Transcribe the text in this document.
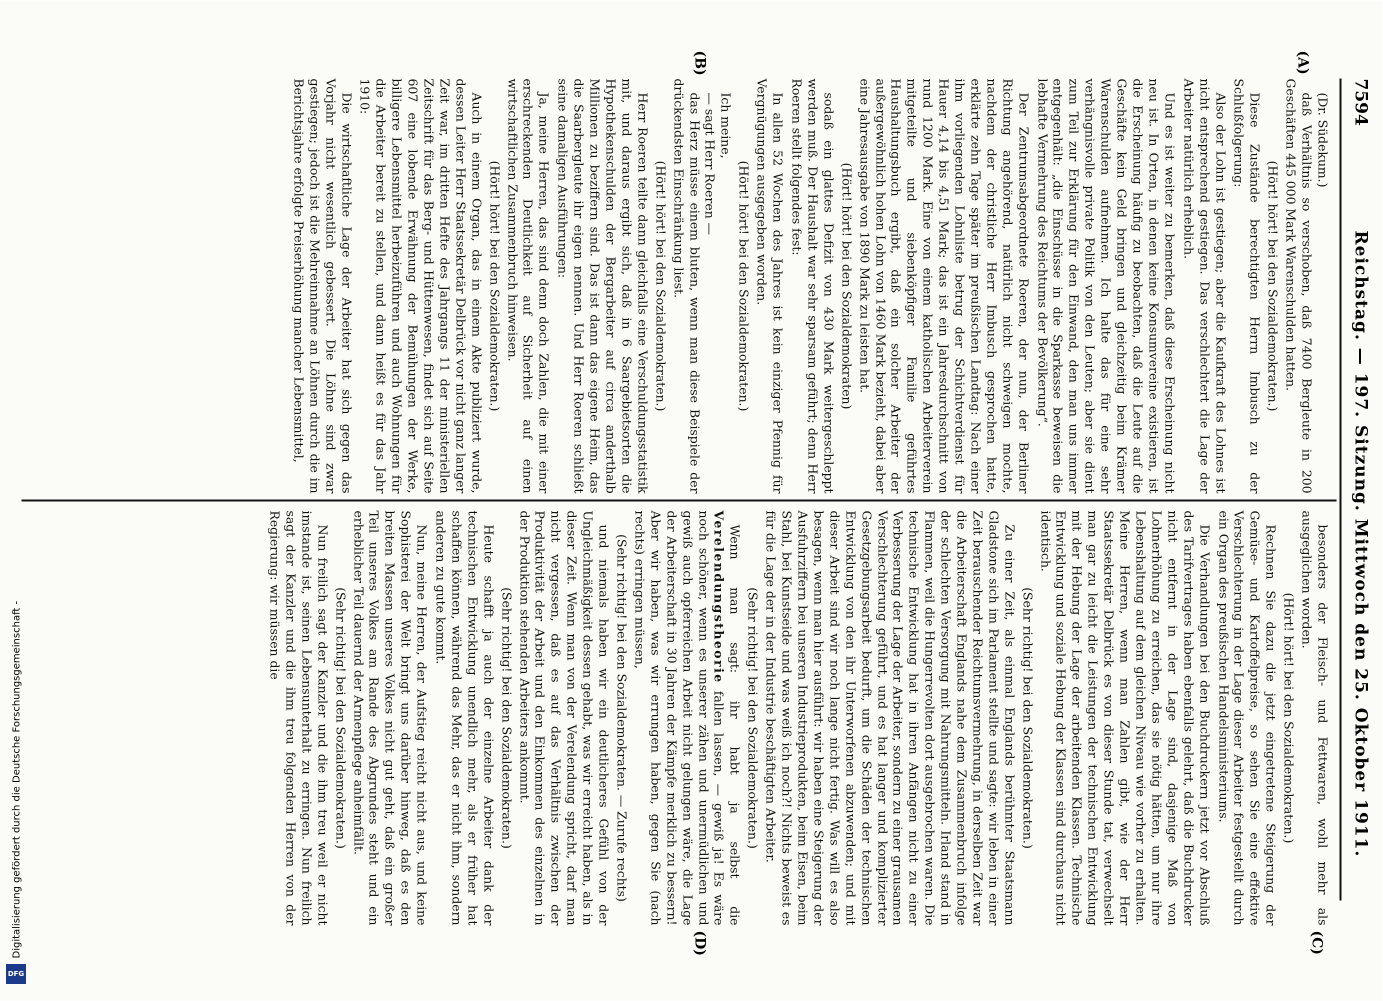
7594
Reichstag. — 197. Sitzung. Mittwoch den 25. Oktober 1911.
(A)
(B)
(C)
(D)

(Dr. Südekum.)

daß Verhältnis so verschoben, daß 7400 Bergleute in 200 Geschäften 445 000 Mark Warenschulden hatten.

(Hört! hört! bei den Sozialdemokraten.)

Diese Zustände berechtigten Herrn Imbusch zu der Schlußfolgerung:

Also der Lohn ist gestiegen; aber die Kaufkraft des Lohnes ist nicht entsprechend gestiegen. Das verschlechtert die Lage der Arbeiter natürlich erheblich.

Und es ist weiter zu bemerken, daß diese Erscheinung nicht neu ist. In Orten, in denen keine Konsumvereine existieren, ist die Erscheinung häufig zu beobachten, daß die Leute auf die Geschäfte kein Geld bringen und gleichzeitig beim Krämer Warenschulden aufnehmen. Ich halte das für eine sehr verhängnisvolle private Politik von den Leuten; aber sie dient zum Teil zur Erklärung für den Einwand, den man uns immer entgegenhält: „die Einschüsse in die Sparkasse beweisen die lebhafte Vermehrung des Reichtums der Bevölkerung“.

Der Zentrumsabgeordnete Roeren, der nun, der Berliner Richtung angehörend, natürlich nicht schweigen mochte, nachdem der christliche Herr Imbusch gesprochen hatte, erklärte zehn Tage später im preußischen Landtag: Nach einer ihm vorliegenden Lohnliste betrug der Schichtverdienst für Hauer 4,14 bis 4,51 Mark; das ist ein Jahresdurchschnitt von rund 1200 Mark. Eine von einem katholischen Arbeiterverein mitgeteilte und siebenköpfiger Familie geführtes Haushaltungsbuch ergibt, daß ein solcher Arbeiter der außergewöhnlich hohen Lohn von 1460 Mark bezieht, dabei aber eine Jahresausgabe von 1890 Mark zu leisten hat.

(Hört! hört! bei den Sozialdemokraten)

sodaß ein glattes Defizit von 430 Mark weitergeschleppt werden muß. Der Haushalt war sehr sparsam geführt; denn Herr Roeren stellt folgendes fest:

In allen 52 Wochen des Jahres ist kein einziger Pfennig für Vergnügungen ausgegeben worden.

(Hört! hört! bei den Sozialdemokraten.)

Ich meine,

— sagt Herr Roeren —

das Herz müsse einem bluten, wenn man diese Beispiele der drückendsten Einschränkung liest.

(Hört! hört! bei den Sozialdemokraten.)

Herr Roeren teilte dann gleichfalls eine Verschuldungsstatistik mit, und daraus ergibt sich, daß in 6 Saargebietsorten die Hypothekenschulden der Bergarbeiter auf circa anderthalb Millionen zu beziffern sind. Das ist dann das eigene Heim, das die Saarbergleute ihr eigen nennen. Und Herr Roeren schließt seine damaligen Ausführungen:

Ja, meine Herren, das sind denn doch Zahlen, die mit einer erschreckenden Deutlichkeit auf Sicherheit auf einen wirtschaftlichen Zusammenbruch hinweisen.

(Hört! hört! bei den Sozialdemokraten.)

Auch in einem Organ, das in einem Akte publiziert wurde, dessen Leiter Herr Staatssekretär Delbrück vor nicht ganz langer Zeit war, im dritten Hefte des Jahrgangs 11 der ministeriellen Zeitschrift für das Berg- und Hüttenwesen, findet sich auf Seite 607 eine lobende Erwähnung der Bemühungen der Werke, billigere Lebensmittel herbeizuführen und auch Wohnungen für die Arbeiter bereit zu stellen, und dann heißt es für das Jahr 1910:

Die wirtschaftliche Lage der Arbeiter hat sich gegen das Vorjahr nicht wesentlich gebessert. Die Löhne sind zwar gestiegen; jedoch ist die Mehreinnahme an Löhnen durch die im Berichtsjahre erfolgte Preiserhöhung mancher Lebensmittel,

besonders der Fleisch- und Fettwaren, wohl mehr als ausgeglichen worden.

(Hört! hört! bei den Sozialdemokraten.)

Rechnen Sie dazu die jetzt eingetretene Steigerung der Gemüse- und Kartoffelpreise, so sehen Sie eine effektive Verschlechterung in der Lage dieser Arbeiter festgestellt durch ein Organ des preußischen Handelsministeriums.

Die Verhandlungen bei den Buchdruckern jetzt vor Abschluß des Tarifvertrages haben ebenfalls gelehrt, daß die Buchdrucker nicht entfernt in der Lage sind, dasjenige Maß von Lohnerhöhung zu erreichen, das sie nötig hätten, um nur ihre Lebenshaltung auf dem gleichen Niveau wie vorher zu erhalten. Meine Herren, wenn man Zahlen gibt, wie der Herr Staatssekretär Delbrück es von dieser Stunde tat, verwechselt man gar zu leicht die Leistungen der technischen Entwicklung mit der Hebung der Lage der arbeitenden Klassen. Technische Entwicklung und soziale Hebung der Klassen sind durchaus nicht identisch.

(Sehr richtig! bei den Sozialdemokraten.)

Zu einer Zeit, als einmal Englands berühmter Staatsmann Gladstone sich im Parlament stellte und sagte: wir leben in einer Zeit berauschender Reichtumsvermehrung, in derselben Zeit war die Arbeiterschaft Englands nahe dem Zusammenbruch infolge der schlechten Versorgung mit Nahrungsmitteln. Irland stand in Flammen, weil die Hungerrevolten dort ausgebrochen waren. Die technische Entwicklung hat in ihren Anfängen nicht zu einer Verbesserung der Lage der Arbeiter, sondern zu einer grausamen Verschlechterung geführt, und es hat langer und komplizierter Gesetzgebungsarbeit bedurft, um die Schäden der technischen Entwicklung von den ihr Unterworfenen abzuwenden; und mit dieser Arbeit sind wir noch lange nicht fertig. Was will es also besagen, wenn man hier ausführt: wir haben eine Steigerung der Ausfuhrziffern bei unseren Industrieprodukten, beim Eisen, beim Stahl, bei Kunstseide und was weiß ich noch?! Nichts beweist es für die Lage der in der Industrie beschäftigten Arbeiter.

(Sehr richtig! bei den Sozialdemokraten.)

Wenn man sagt: ihr habt ja selbst die Verelendungstheorie fallen lassen, — gewiß ja! Es wäre noch schöner, wenn es unserer zähen und unermüdlichen und gewiß auch opferreichen Arbeit nicht gelungen wäre, die Lage der Arbeiterschaft in 30 Jahren der Kämpfe merklich zu bessern! Aber wir haben, was wir errungen haben, gegen Sie (nach rechts) erringen müssen,

(Sehr richtig! bei den Sozialdemokraten. — Zurufe rechts)

und niemals haben wir ein deutlicheres Gefühl von der Ungleichmäßigkeit dessen gehabt, was wir erreicht haben, als in dieser Zeit. Wenn man von der Verelendung spricht, darf man nicht vergessen, daß es auf das Verhältnis zwischen der Produktivität der Arbeit und den Einkommen des einzelnen in der Produktion stehenden Arbeiters ankommt.

(Sehr richtig! bei den Sozialdemokraten.)

Heute schafft ja auch der einzelne Arbeiter dank der technischen Entwicklung unendlich mehr, als er früher hat schaffen können, während das Mehr, das er nicht ihm, sondern anderen zu gute kommt.

Nun, meine Herren, der Aufstieg reicht nicht aus, und keine Sophisterei der Welt bringt uns darüber hinweg, daß es den breiten Massen unseres Volkes nicht gut geht, daß ein großer Teil unseres Volkes am Rande des Abgrundes steht und ein erheblicher Teil dauernd der Armenpflege anheimfällt.

(Sehr richtig! bei den Sozialdemokraten.)

Nun freilich sagt der Kanzler und die ihm treu weil er nicht imstande ist, seinen Lebensunterhalt zu erringen. Nun freilich sagt der Kanzler und die ihm treu folgenden Herren von der Regierung: wir müssen die

Digitalisierung gefördert durch die Deutsche Forschungsgemeinschaft -
DFG
